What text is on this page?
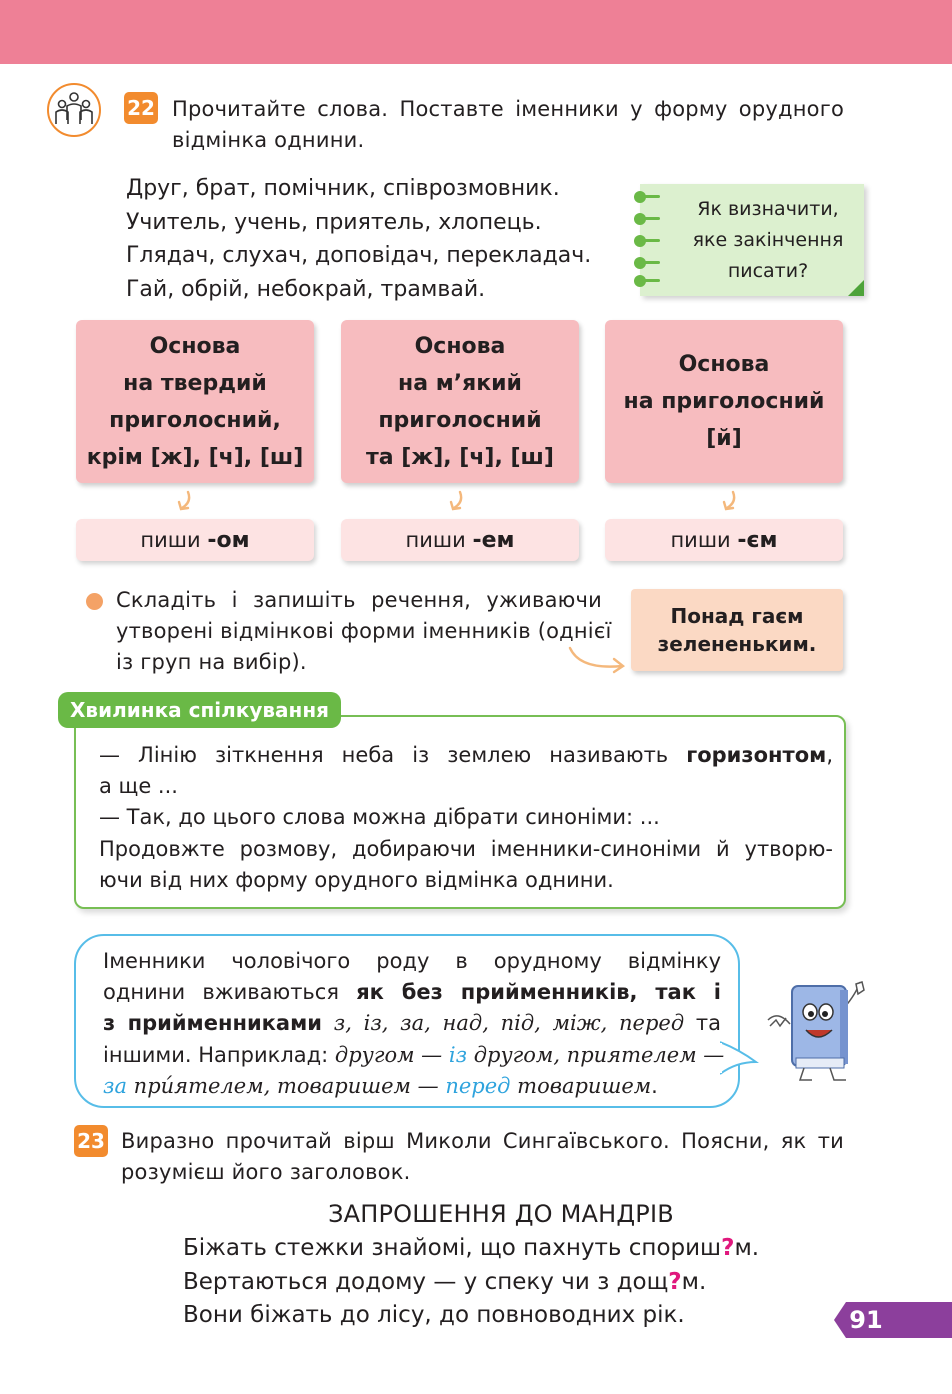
22 Прочитайте слова. Поставте іменники у форму орудного
відмінка однини.
Друг, брат, помічник, співрозмовник.
Учитель, учень, приятель, хлопець.
Глядач, слухач, доповідач, перекладач.
Гай, обрій, небокрай, трамвай.
Як визначити,
яке закінчення
писати?
Основа
на твердий
приголосний,
крім [ж], [ч], [ш]
Основа
на м’який
приголосний
та [ж], [ч], [ш]
Основа
на приголосний
[й]
пиши -ом	пиши -ем	пиши -єм
Складіть і запишіть речення, уживаючи
утворені відмінкові форми іменників (однієї
із груп на вибір).
Понад гаєм
зелененьким.
Хвилинка спілкування
— Лінію зіткнення неба із землею називають горизонтом,
а ще ...
— Так, до цього слова можна дібрати синоніми: ...
Продовжте розмову, добираючи іменники-синоніми й утворю-
ючи від них форму орудного відмінка однини.
Іменники чоловічого роду в орудному відмінку
однини вживаються як без прийменників, так і
з прийменниками з, із, за, над, під, між, перед та
іншими. Наприклад: другом — із другом, приятелем —
за при́ятелем, товаришем — перед товаришем.
23 Виразно прочитай вірш Миколи Сингаївського. Поясни, як ти
розумієш його заголовок.
ЗАПРОШЕННЯ ДО МАНДРІВ
Біжать стежки знайомі, що пахнуть спориш?м.
Вертаються додому — у спеку чи з дощ?м.
Вони біжать до лісу, до повноводних рік.	91
